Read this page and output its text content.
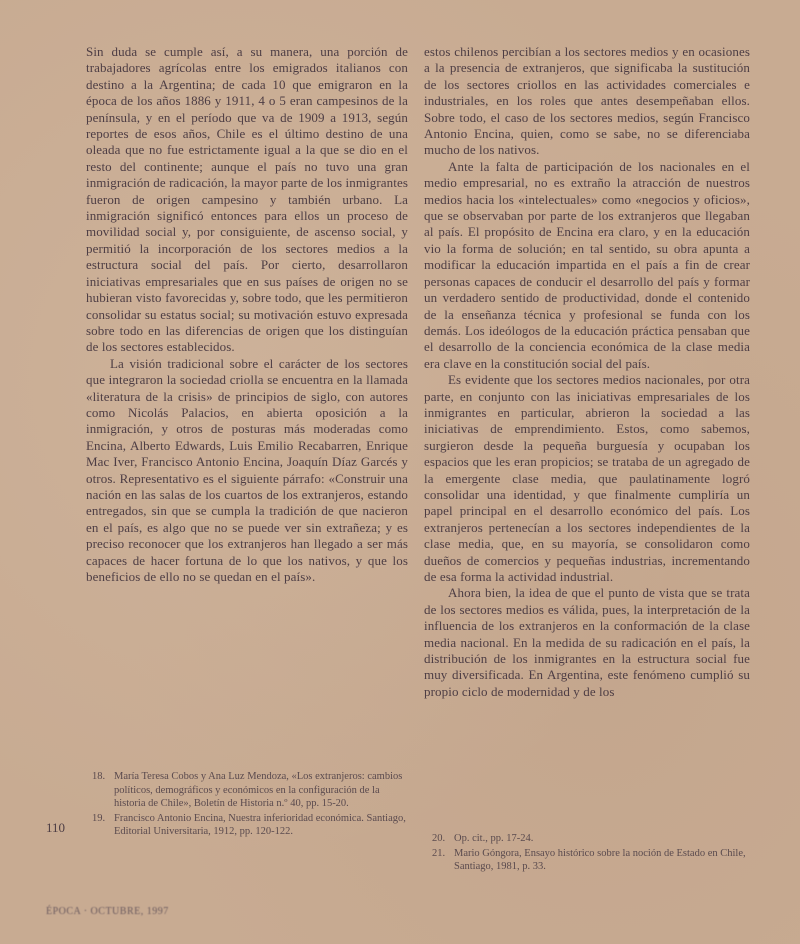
Sin duda se cumple así, a su manera, una porción de trabajadores agrícolas entre los emigrados italianos con destino a la Argentina; de cada 10 que emigraron en la época de los años 1886 y 1911, 4 o 5 eran campesinos de la península, y en el período que va de 1909 a 1913, según reportes de esos años, Chile es el último destino de una oleada que no fue estrictamente igual a la que se dio en el resto del continente; aunque el país no tuvo una gran inmigración de radicación, la mayor parte de los inmigrantes fueron de origen campesino y también urbano. La inmigración significó entonces para ellos un proceso de movilidad social y, por consiguiente, de ascenso social, y permitió la incorporación de los sectores medios a la estructura social del país. Por cierto, desarrollaron iniciativas empresariales que en sus países de origen no se hubieran visto favorecidas y, sobre todo, que les permitieron consolidar su estatus social; su motivación estuvo expresada sobre todo en las diferencias de origen que los distinguían de los sectores establecidos.

La visión tradicional sobre el carácter de los sectores que integraron la sociedad criolla se encuentra en la llamada «literatura de la crisis» de principios de siglo, con autores como Nicolás Palacios, en abierta oposición a la inmigración, y otros de posturas más moderadas como Encina, Alberto Edwards, Luis Emilio Recabarren, Enrique Mac Iver, Francisco Antonio Encina, Joaquín Díaz Garcés y otros. Representativo es el siguiente párrafo: «Construir una nación en las salas de los cuartos de los extranjeros, estando entregados, sin que se cumpla la tradición de que nacieron en el país, es algo que no se puede ver sin extrañeza; y es preciso reconocer que los extranjeros han llegado a ser más capaces de hacer fortuna de lo que los nativos, y que los beneficios de ello no se quedan en el país».

estos chilenos percibían a los sectores medios y en ocasiones a la presencia de extranjeros, que significaba la sustitución de los sectores criollos en las actividades comerciales e industriales, en los roles que antes desempeñaban ellos. Sobre todo, el caso de los sectores medios, según Francisco Antonio Encina, quien, como se sabe, no se diferenciaba mucho de los nativos.

Ante la falta de participación de los nacionales en el medio empresarial, no es extraño la atracción de nuestros medios hacia los «intelectuales» como «negocios y oficios», que se observaban por parte de los extranjeros que llegaban al país. El propósito de Encina era claro, y en la educación vio la forma de solución; en tal sentido, su obra apunta a modificar la educación impartida en el país a fin de crear personas capaces de conducir el desarrollo del país y formar un verdadero sentido de productividad, donde el contenido de la enseñanza técnica y profesional se funda con los demás. Los ideólogos de la educación práctica pensaban que el desarrollo de la conciencia económica de la clase media era clave en la constitución social del país.

Es evidente que los sectores medios nacionales, por otra parte, en conjunto con las iniciativas empresariales de los inmigrantes en particular, abrieron la sociedad a las iniciativas de emprendimiento. Estos, como sabemos, surgieron desde la pequeña burguesía y ocupaban los espacios que les eran propicios; se trataba de un agregado de la emergente clase media, que paulatinamente logró consolidar una identidad, y que finalmente cumpliría un papel principal en el desarrollo económico del país. Los extranjeros pertenecían a los sectores independientes de la clase media, que, en su mayoría, se consolidaron como dueños de comercios y pequeñas industrias, incrementando de esa forma la actividad industrial.

Ahora bien, la idea de que el punto de vista que se trata de los sectores medios es válida, pues, la interpretación de la influencia de los extranjeros en la conformación de la clase media nacional. En la medida de su radicación en el país, la distribución de los inmigrantes en la estructura social fue muy diversificada. En Argentina, este fenómeno cumplió su propio ciclo de modernidad y de los

18. María Teresa Cobos y Ana Luz Mendoza, «Los extranjeros: cambios políticos, demográficos y económicos en la configuración de la historia de Chile», Boletín de Historia n.º 40, pp. 15-20.
19. Francisco Antonio Encina, Nuestra inferioridad económica. Santiago, Editorial Universitaria, 1912, pp. 120-122.
20. Op. cit., pp. 17-24.
21. Mario Góngora, Ensayo histórico sobre la noción de Estado en Chile, Santiago, 1981, p. 33.
110
ÉPOCA · OCTUBRE, 1997
